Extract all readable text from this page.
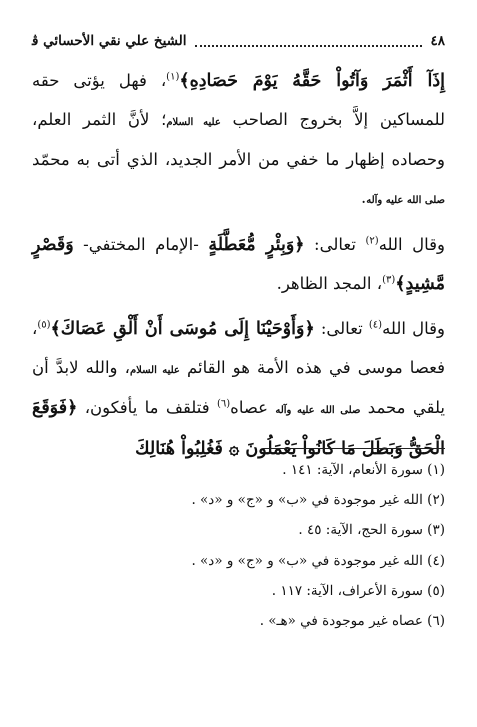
٤٨
الشيخ علي نقي الأحسائي ﭬ

إِذَآ أَثْمَرَ وَآتُواْ حَقَّهُ يَوْمَ حَصَادِهِ﴾$^{(١)}$، فهل يؤتى حقه للمساكين إلاَّ بخروج الصاحب عليه السلام؛ لأنَّ الثمر العلم، وحصاده إظهار ما خفي من الأمر الجديد، الذي أتى به محمّد صلى الله عليه وآله.

وقال الله$^{(٢)}$ تعالى: ﴿وَبِئْرٍ مُّعَطَّلَةٍ -الإمام المختفي- وَقَصْرٍ مَّشِيدٍ﴾$^{(٣)}$، المجد الظاهر.

وقال الله$^{(٤)}$ تعالى: ﴿وَأَوْحَيْنَا إِلَى مُوسَى أَنْ أَلْقِ عَصَاكَ﴾$^{(٥)}$، فعصا موسى في هذه الأمة هو القائم عليه السلام، والله لابدَّ أن يلقي محمد صلى الله عليه وآله عصاه$^{(٦)}$ فتلقف ما يأفكون، ﴿فَوَقَعَ الْحَقُّ وَبَطَلَ مَا كَانُواْ يَعْمَلُونَ ۞ فَغُلِبُواْ هُنَالِكَ

(١) سورة الأنعام، الآية: ١٤١ .
(٢) الله غير موجودة في «ب» و «ج» و «د» .
(٣) سورة الحج، الآية: ٤٥ .
(٤) الله غير موجودة في «ب» و «ج» و «د» .
(٥) سورة الأعراف، الآية: ١١٧ .
(٦) عصاه غير موجودة في «هـ» .
